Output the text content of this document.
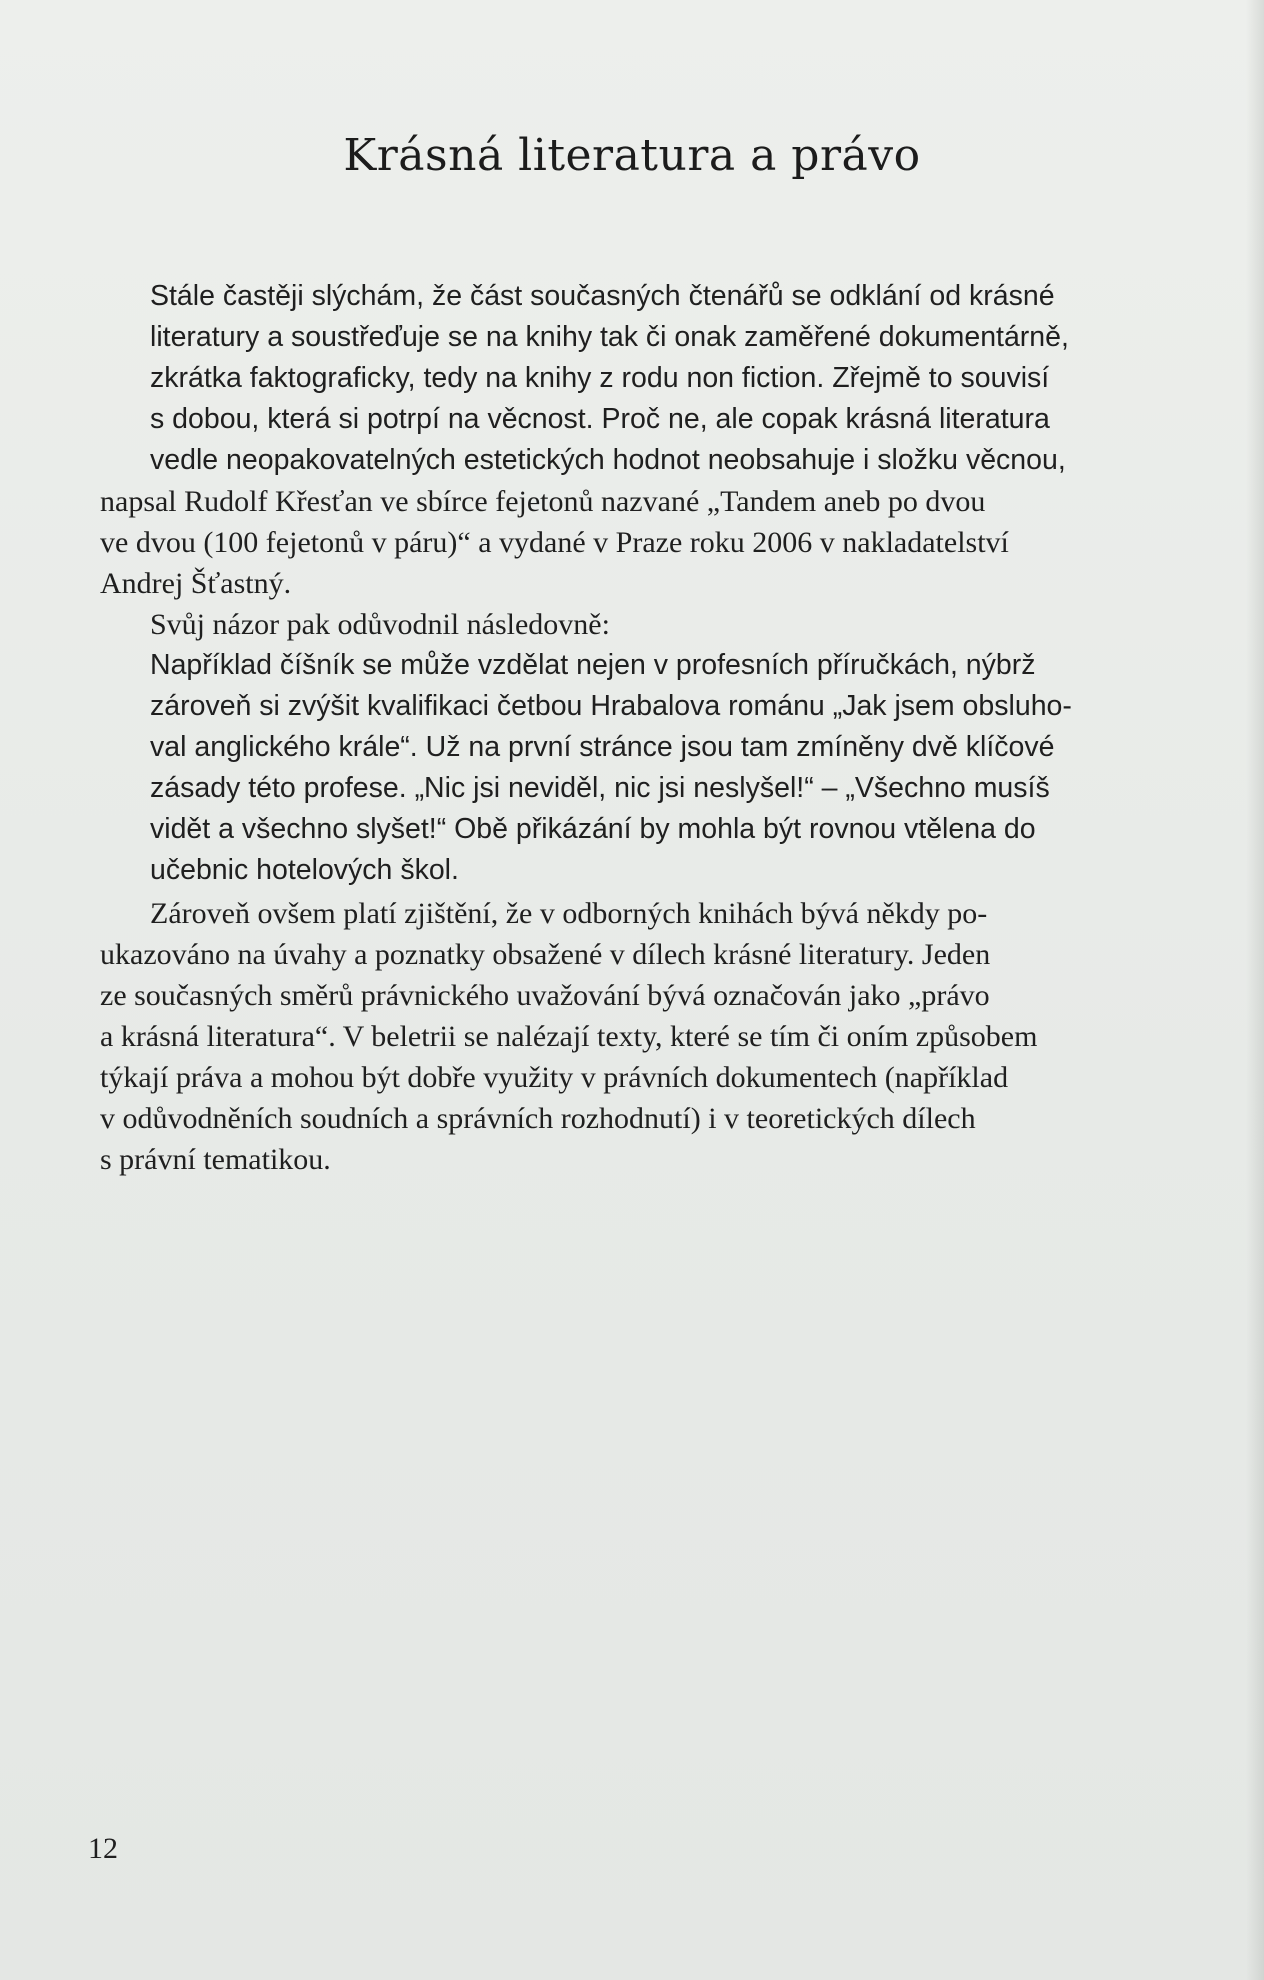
Krásná literatura a právo
Stále častěji slýchám, že část současných čtenářů se odklání od krásné
literatury a soustřeďuje se na knihy tak či onak zaměřené dokumentárně,
zkrátka faktograficky, tedy na knihy z rodu non fiction. Zřejmě to souvisí
s dobou, která si potrpí na věcnost. Proč ne, ale copak krásná literatura
vedle neopakovatelných estetických hodnot neobsahuje i složku věcnou,
napsal Rudolf Křesťan ve sbírce fejetonů nazvané „Tandem aneb po dvou
ve dvou (100 fejetonů v páru)“ a vydané v Praze roku 2006 v nakladatelství
Andrej Šťastný.
Svůj názor pak odůvodnil následovně:
Například číšník se může vzdělat nejen v profesních příručkách, nýbrž
zároveň si zvýšit kvalifikaci četbou Hrabalova románu „Jak jsem obsluho-
val anglického krále“. Už na první stránce jsou tam zmíněny dvě klíčové
zásady této profese. „Nic jsi neviděl, nic jsi neslyšel!“ – „Všechno musíš
vidět a všechno slyšet!“ Obě přikázání by mohla být rovnou vtělena do
učebnic hotelových škol.
Zároveň ovšem platí zjištění, že v odborných knihách bývá někdy po-
ukazováno na úvahy a poznatky obsažené v dílech krásné literatury. Jeden
ze současných směrů právnického uvažování bývá označován jako „právo
a krásná literatura“. V beletrii se nalézají texty, které se tím či oním způsobem
týkají práva a mohou být dobře využity v právních dokumentech (například
v odůvodněních soudních a správních rozhodnutí) i v teoretických dílech
s právní tematikou.
12
